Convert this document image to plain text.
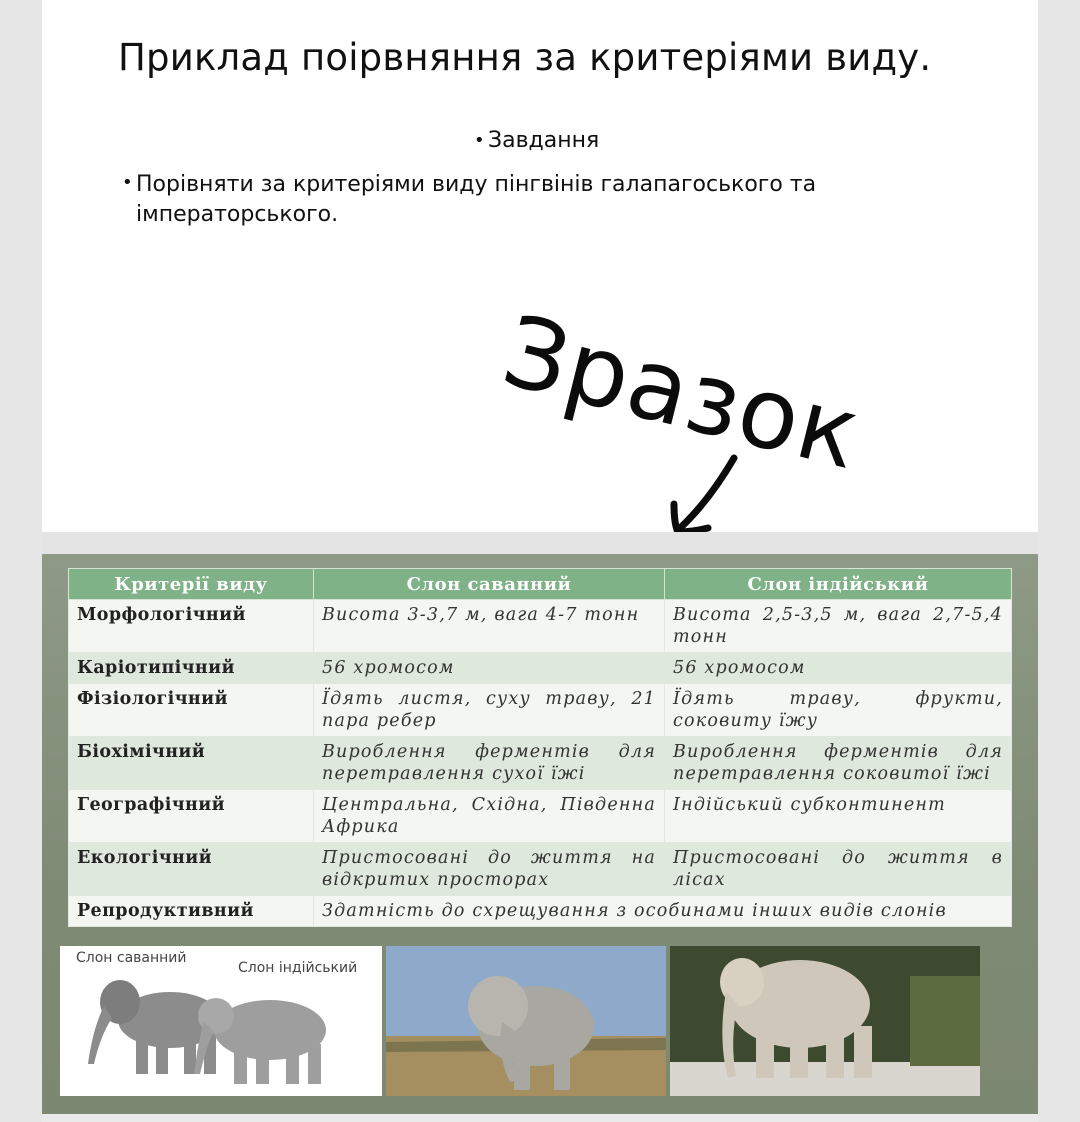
Приклад поірвняння за критеріями виду.
• Завдання
• Порівняти за критеріями виду пінгвінів галапагоського та імператорського.
Зразок
Критерії виду	Слон саванний	Слон індійський
Морфологічний	Висота 3-3,7 м, вага 4-7 тонн	Висота 2,5-3,5 м, вага 2,7-5,4 тонн
Каріотипічний	56 хромосом	56 хромосом
Фізіологічний	Їдять листя, суху траву, 21 пара ребер	Їдять траву, фрукти, соковиту їжу
Біохімічний	Вироблення ферментів для перетравлення сухої їжі	Вироблення ферментів для перетравлення соковитої їжі
Географічний	Центральна, Східна, Південна Африка	Індійський субконтинент
Екологічний	Пристосовані до життя на відкритих просторах	Пристосовані до життя в лісах
Репродуктивний	Здатність до схрещування з особинами інших видів слонів	
Слон саванний
Слон індійський
